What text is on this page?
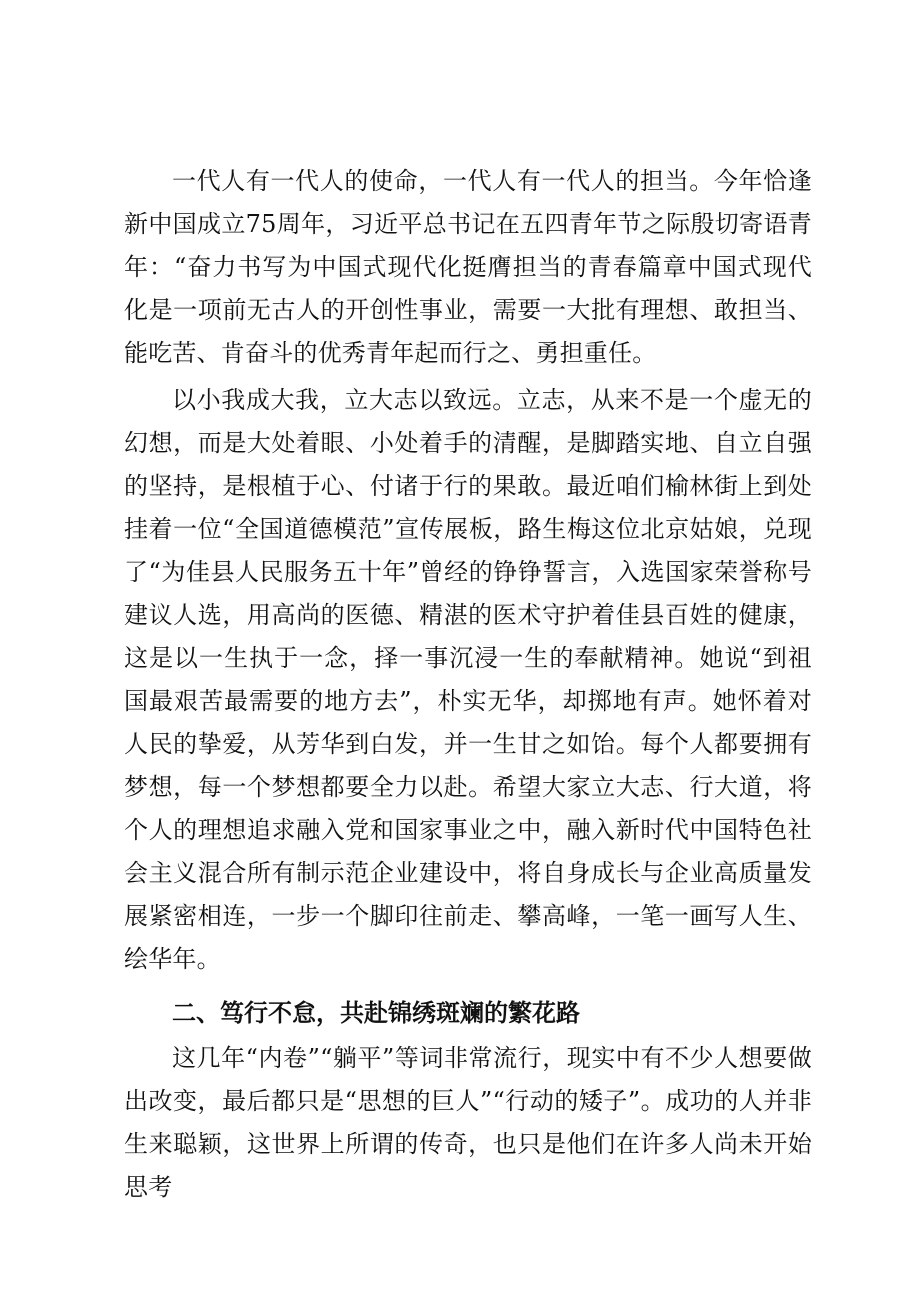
一代人有一代人的使命，一代人有一代人的担当。今年恰逢新中国成立75周年，习近平总书记在五四青年节之际殷切寄语青年：“奋力书写为中国式现代化挺膺担当的青春篇章中国式现代化是一项前无古人的开创性事业，需要一大批有理想、敢担当、能吃苦、肯奋斗的优秀青年起而行之、勇担重任。

以小我成大我，立大志以致远。立志，从来不是一个虚无的幻想，而是大处着眼、小处着手的清醒，是脚踏实地、自立自强的坚持，是根植于心、付诸于行的果敢。最近咱们榆林街上到处挂着一位“全国道德模范”宣传展板，路生梅这位北京姑娘，兑现了“为佳县人民服务五十年”曾经的铮铮誓言，入选国家荣誉称号建议人选，用高尚的医德、精湛的医术守护着佳县百姓的健康，这是以一生执于一念，择一事沉浸一生的奉献精神。她说“到祖国最艰苦最需要的地方去”，朴实无华，却掷地有声。她怀着对人民的挚爱，从芳华到白发，并一生甘之如饴。每个人都要拥有梦想，每一个梦想都要全力以赴。希望大家立大志、行大道，将个人的理想追求融入党和国家事业之中，融入新时代中国特色社会主义混合所有制示范企业建设中，将自身成长与企业高质量发展紧密相连，一步一个脚印往前走、攀高峰，一笔一画写人生、绘华年。

二、笃行不怠，共赴锦绣斑斓的繁花路

这几年“内卷”“躺平”等词非常流行，现实中有不少人想要做出改变，最后都只是“思想的巨人”“行动的矮子”。成功的人并非生来聪颖，这世界上所谓的传奇，也只是他们在许多人尚未开始思考
